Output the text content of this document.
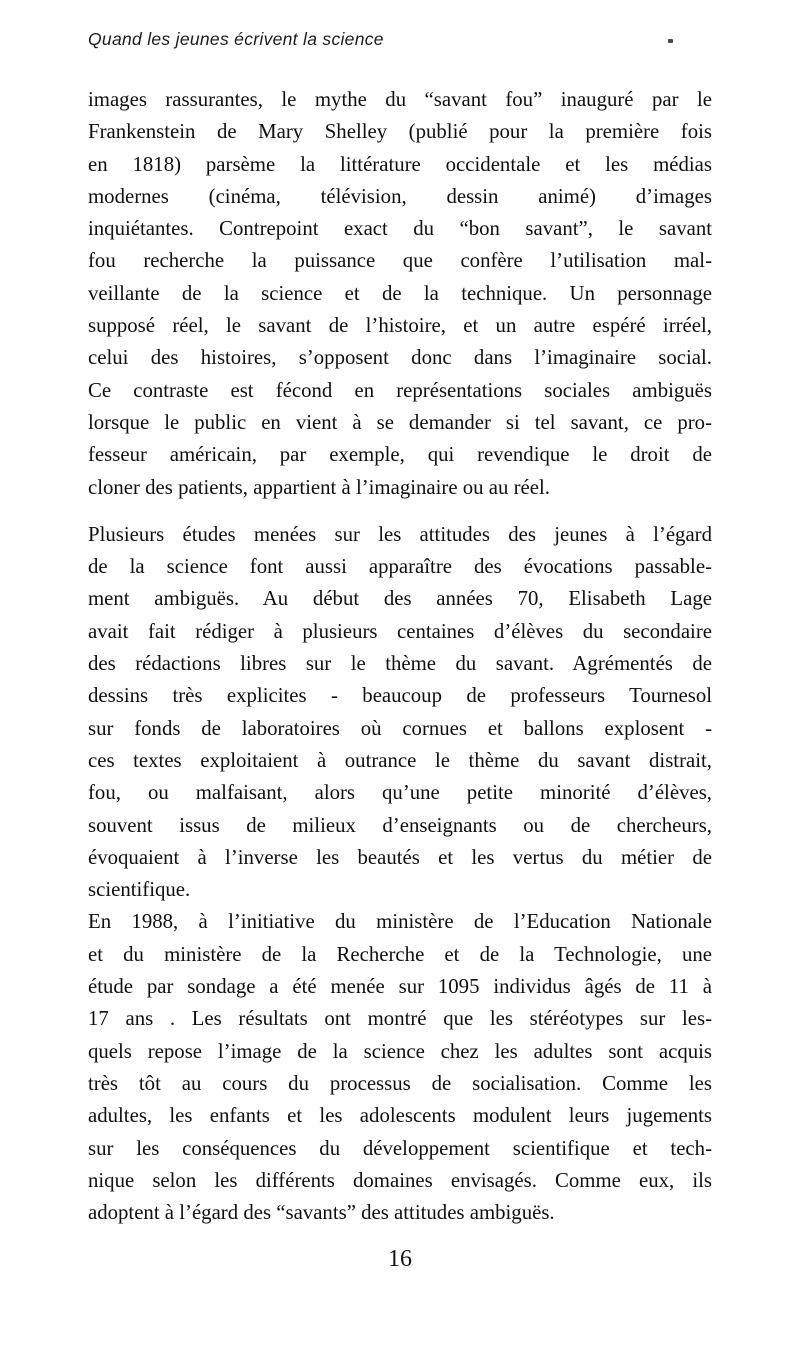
Quand les jeunes écrivent la science
images rassurantes, le mythe du “savant fou” inauguré par le
Frankenstein de Mary Shelley (publié pour la première fois
en 1818) parsème la littérature occidentale et les médias
modernes (cinéma, télévision, dessin animé) d’images
inquiétantes. Contrepoint exact du “bon savant”, le savant
fou recherche la puissance que confère l’utilisation mal-
veillante de la science et de la technique. Un personnage
supposé réel, le savant de l’histoire, et un autre espéré irréel,
celui des histoires, s’opposent donc dans l’imaginaire social.
Ce contraste est fécond en représentations sociales ambiguës
lorsque le public en vient à se demander si tel savant, ce pro-
fesseur américain, par exemple, qui revendique le droit de
cloner des patients, appartient à l’imaginaire ou au réel.
Plusieurs études menées sur les attitudes des jeunes à l’égard
de la science font aussi apparaître des évocations passable-
ment ambiguës. Au début des années 70, Elisabeth Lage
avait fait rédiger à plusieurs centaines d’élèves du secondaire
des rédactions libres sur le thème du savant. Agrémentés de
dessins très explicites - beaucoup de professeurs Tournesol
sur fonds de laboratoires où cornues et ballons explosent -
ces textes exploitaient à outrance le thème du savant distrait,
fou, ou malfaisant, alors qu’une petite minorité d’élèves,
souvent issus de milieux d’enseignants ou de chercheurs,
évoquaient à l’inverse les beautés et les vertus du métier de
scientifique.
En 1988, à l’initiative du ministère de l’Education Nationale
et du ministère de la Recherche et de la Technologie, une
étude par sondage a été menée sur 1095 individus âgés de 11 à
17 ans . Les résultats ont montré que les stéréotypes sur les-
quels repose l’image de la science chez les adultes sont acquis
très tôt au cours du processus de socialisation. Comme les
adultes, les enfants et les adolescents modulent leurs jugements
sur les conséquences du développement scientifique et tech-
nique selon les différents domaines envisagés. Comme eux, ils
adoptent à l’égard des “savants” des attitudes ambiguës.
16
